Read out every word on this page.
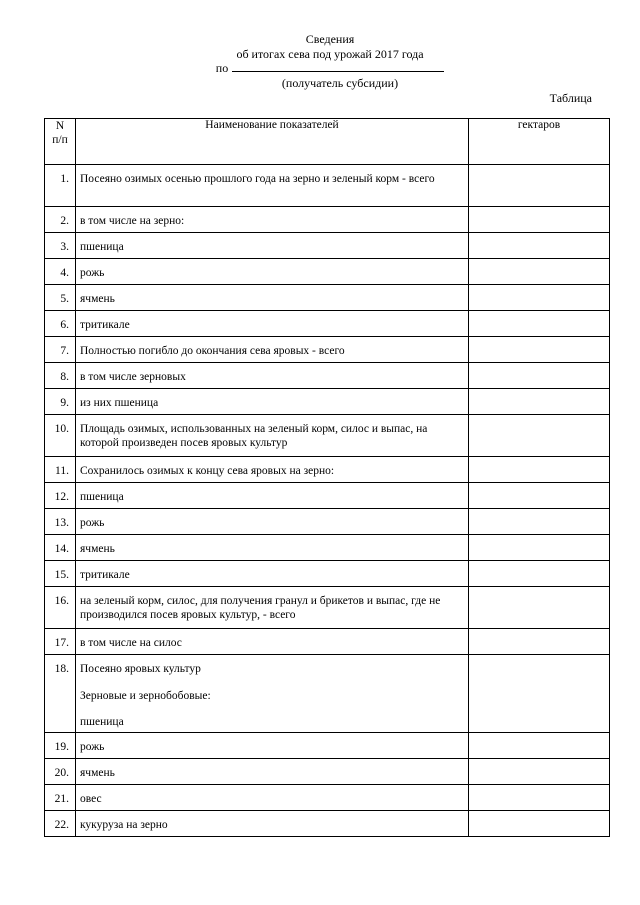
Сведения
об итогах сева под урожай 2017 года
по
(получатель субсидии)
Таблица
N
п/п	Наименование показателей	гектаров
1.	Посеяно озимых осенью прошлого года на зерно и зеленый корм - всего	
2.	в том числе на зерно:	
3.	пшеница	
4.	рожь	
5.	ячмень	
6.	тритикале	
7.	Полностью погибло до окончания сева яровых - всего	
8.	в том числе зерновых	
9.	из них пшеница	
10.	Площадь озимых, использованных на зеленый корм, силос и выпас, на которой произведен посев яровых культур	
11.	Сохранилось озимых к концу сева яровых на зерно:	
12.	пшеница	
13.	рожь	
14.	ячмень	
15.	тритикале	
16.	на зеленый корм, силос, для получения гранул и брикетов и выпас, где не производился посев яровых культур, - всего	
17.	в том числе на силос	
18.	Посеяно яровых культур
Зерновые и зернобобовые:
пшеница	

19.	рожь	
20.	ячмень	
21.	овес	
22.	кукуруза на зерно	
